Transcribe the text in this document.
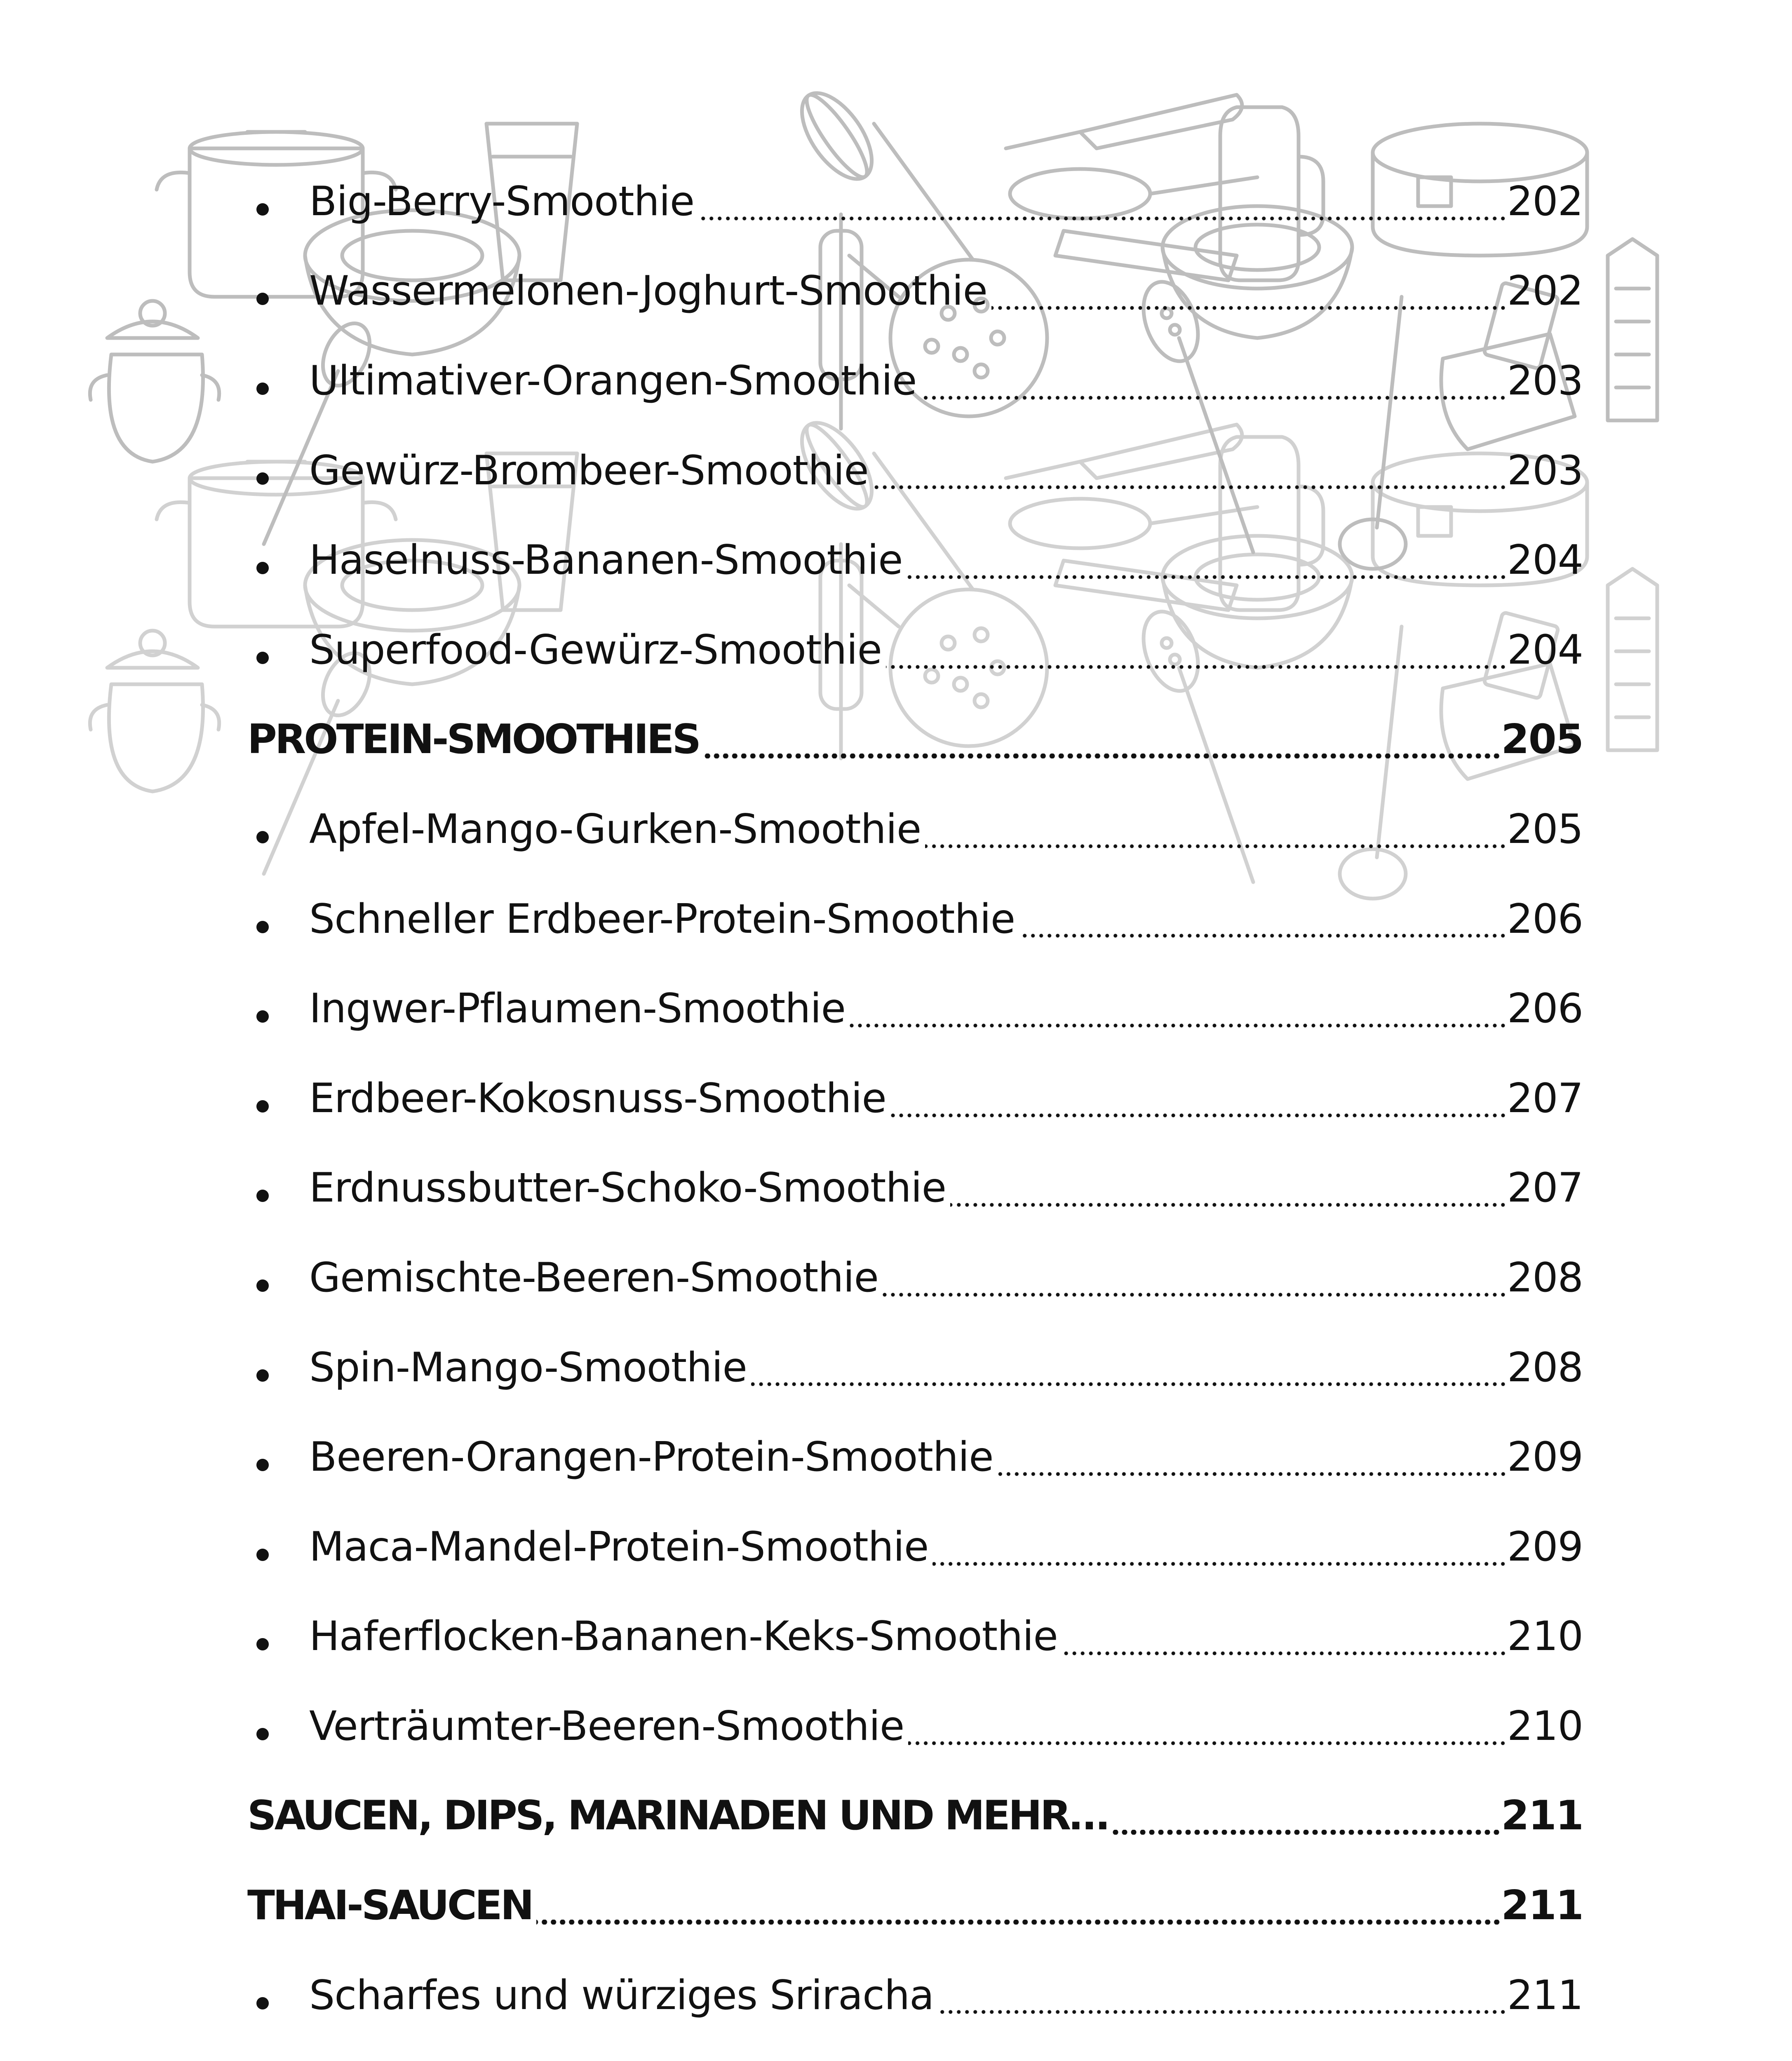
Big-Berry-Smoothie	202
Wassermelonen-Joghurt-Smoothie	202
Ultimativer-Orangen-Smoothie	203
Gewürz-Brombeer-Smoothie	203
Haselnuss-Bananen-Smoothie	204
Superfood-Gewürz-Smoothie	204
PROTEIN-SMOOTHIES	205
Apfel-Mango-Gurken-Smoothie	205
Schneller Erdbeer-Protein-Smoothie	206
Ingwer-Pflaumen-Smoothie	206
Erdbeer-Kokosnuss-Smoothie	207
Erdnussbutter-Schoko-Smoothie	207
Gemischte-Beeren-Smoothie	208
Spin-Mango-Smoothie	208
Beeren-Orangen-Protein-Smoothie	209
Maca-Mandel-Protein-Smoothie	209
Haferflocken-Bananen-Keks-Smoothie	210
Verträumter-Beeren-Smoothie	210
SAUCEN, DIPS, MARINADEN UND MEHR…	211
THAI-SAUCEN	211
Scharfes und würziges Sriracha	211
